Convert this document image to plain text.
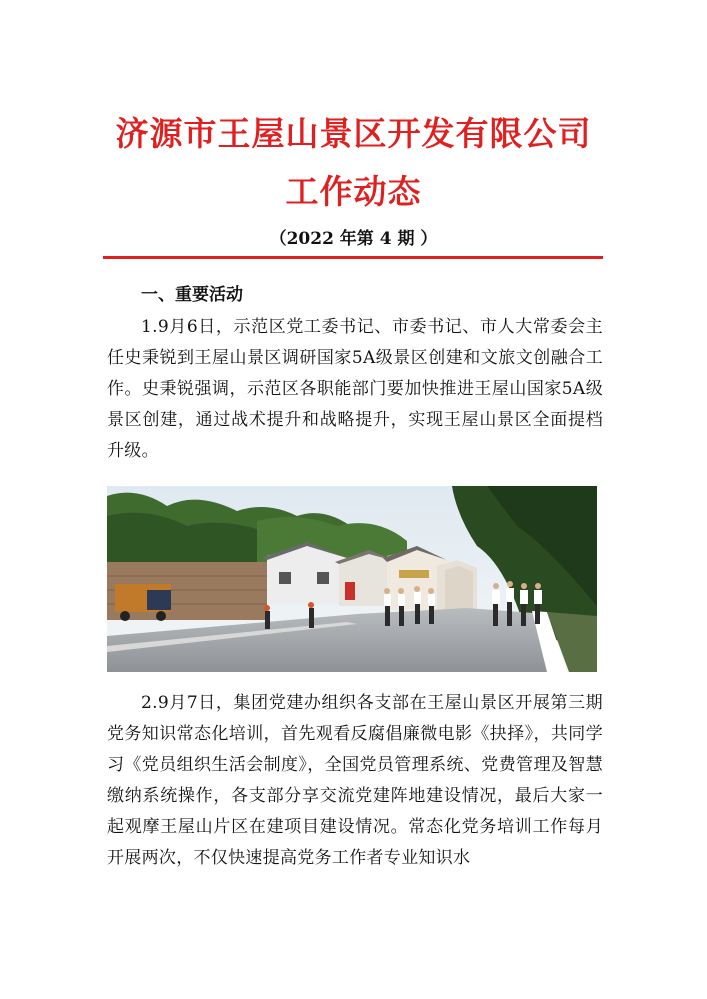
济源市王屋山景区开发有限公司
工作动态
（2022 年第 4 期 ）
一、重要活动

1.9月6日，示范区党工委书记、市委书记、市人大常委会主任史秉锐到王屋山景区调研国家5A级景区创建和文旅文创融合工作。史秉锐强调，示范区各职能部门要加快推进王屋山国家5A级景区创建，通过战术提升和战略提升，实现王屋山景区全面提档升级。

2.9月7日，集团党建办组织各支部在王屋山景区开展第三期党务知识常态化培训，首先观看反腐倡廉微电影《抉择》，共同学习《党员组织生活会制度》，全国党员管理系统、党费管理及智慧缴纳系统操作，各支部分享交流党建阵地建设情况，最后大家一起观摩王屋山片区在建项目建设情况。常态化党务培训工作每月开展两次，不仅快速提高党务工作者专业知识水
